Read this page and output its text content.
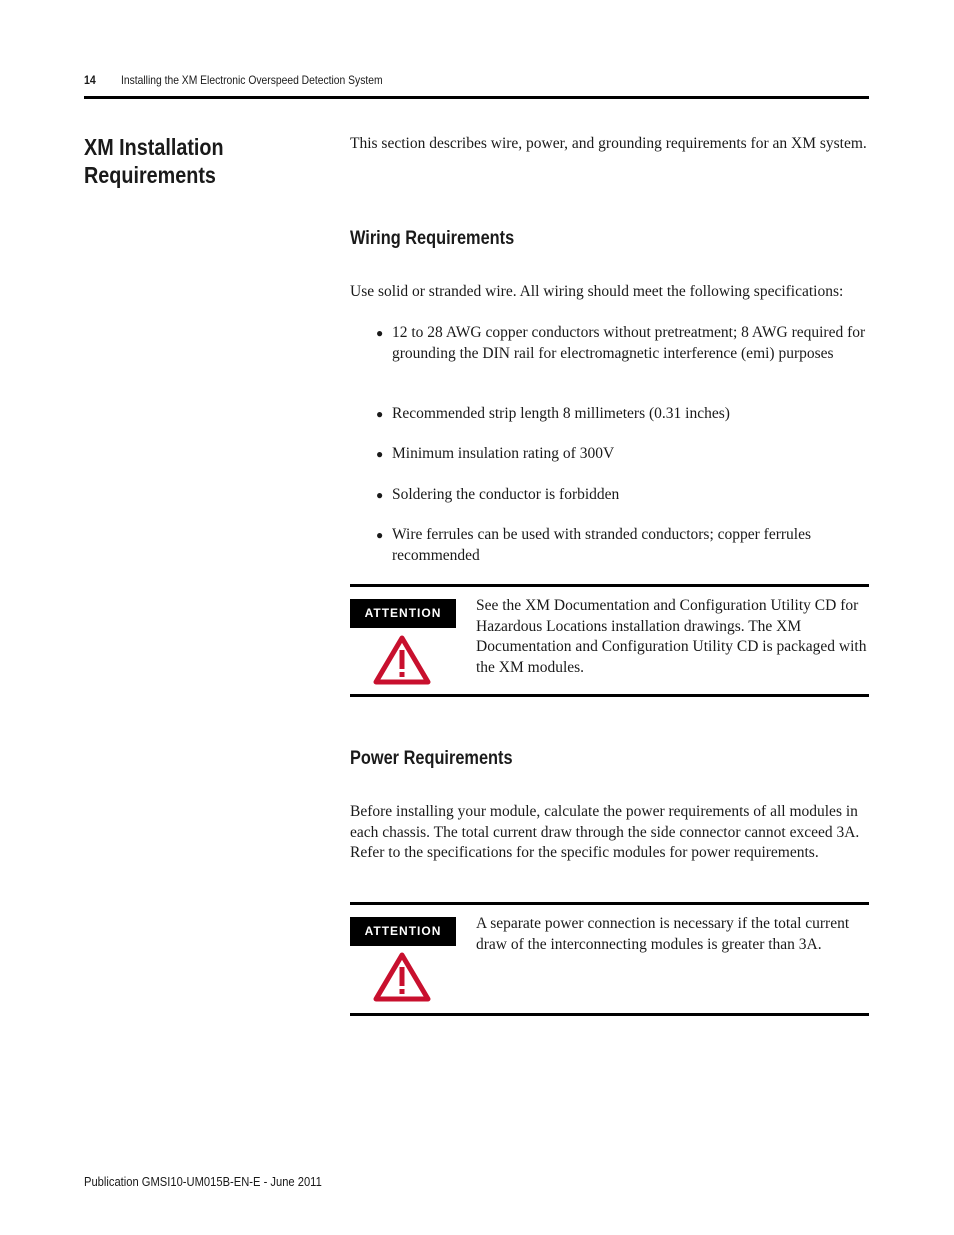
14 Installing the XM Electronic Overspeed Detection System
XM Installation Requirements

This section describes wire, power, and grounding requirements for an XM system.

Wiring Requirements

Use solid or stranded wire. All wiring should meet the following specifications:

● 12 to 28 AWG copper conductors without pretreatment; 8 AWG required for grounding the DIN rail for electromagnetic interference (emi) purposes
● Recommended strip length 8 millimeters (0.31 inches)
● Minimum insulation rating of 300V
● Soldering the conductor is forbidden
● Wire ferrules can be used with stranded conductors; copper ferrules recommended
ATTENTION	See the XM Documentation and Configuration Utility CD for Hazardous Locations installation drawings. The XM Documentation and Configuration Utility CD is packaged with the XM modules.

Power Requirements

Before installing your module, calculate the power requirements of all modules in each chassis. The total current draw through the side connector cannot exceed 3A. Refer to the specifications for the specific modules for power requirements.

ATTENTION	A separate power connection is necessary if the total current draw of the interconnecting modules is greater than 3A.

Publication GMSI10-UM015B-EN-E - June 2011
